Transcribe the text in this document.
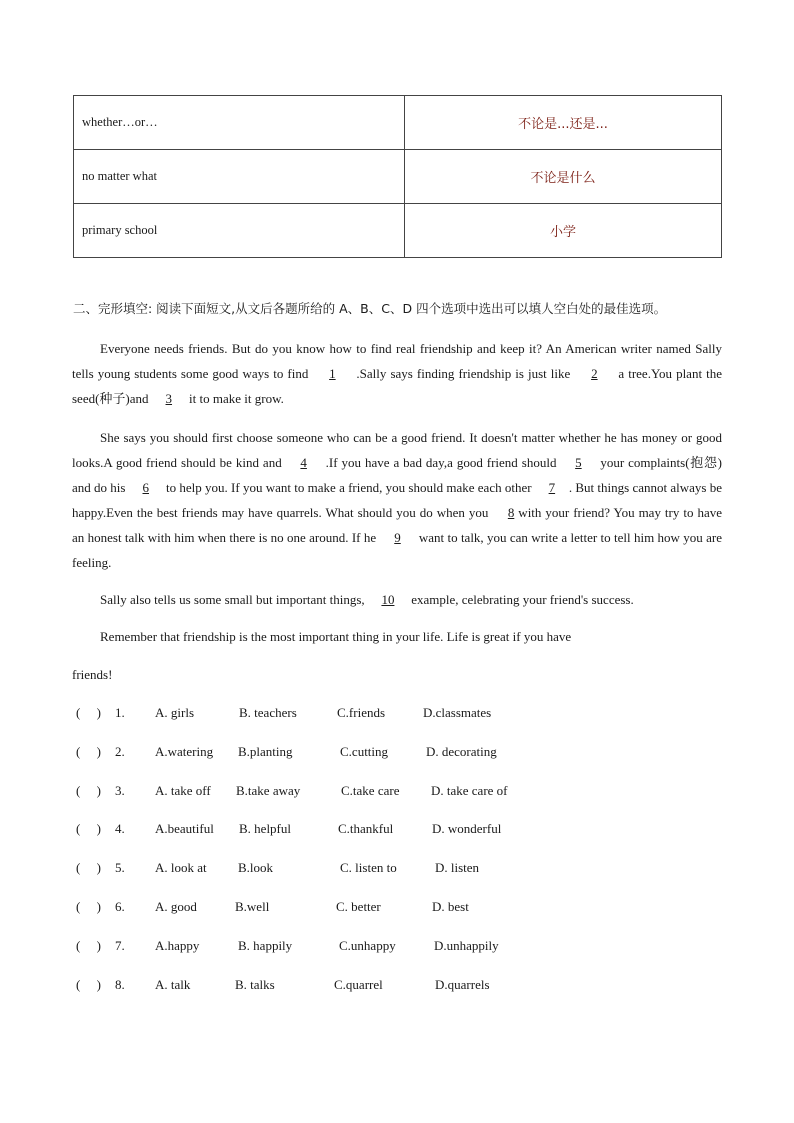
whether…or…	不论是...还是...
no matter what	不论是什么
primary school	小学
二、完形填空: 阅读下面短文,从文后各题所给的 A、B、C、D 四个选项中选出可以填人空白处的最佳选项。
Everyone needs friends. But do you know how to find real friendship and keep it? An American writer named Sally tells young students some good ways to find 1 .Sally says finding friendship is just like 2 a tree.You plant the seed(种子)and 3 it to make it grow.
She says you should first choose someone who can be a good friend. It doesn't matter whether he has money or good looks.A good friend should be kind and 4 .If you have a bad day,a good friend should 5 your complaints(抱怨) and do his 6 to help you. If you want to make a friend, you should make each other 7 . But things cannot always be happy.Even the best friends may have quarrels. What should you do when you 8 with your friend? You may try to have an honest talk with him when there is no one around. If he 9 want to talk, you can write a letter to tell him how you are feeling.
Sally also tells us some small but important things, 10 example, celebrating your friend's success.
Remember that friendship is the most important thing in your life. Life is great if you have
friends!
(　 ) 1. A. girls	B. teachers	C.friends	D.classmates
(　 ) 2. A.watering B.planting	C.cutting	D. decorating
(　 ) 3. A. take off B.take away	C.take care D. take care of
(　 ) 4. A.beautiful B. helpful	C.thankful	D. wonderful
(　 ) 5. A. look at B.look	C. listen to	D. listen
(　 ) 6. A. good	B.well	C. better	D. best
(　 ) 7. A.happy	B. happily	C.unhappy	D.unhappily
(　 ) 8. A. talk	B. talks	C.quarrel	D.quarrels
